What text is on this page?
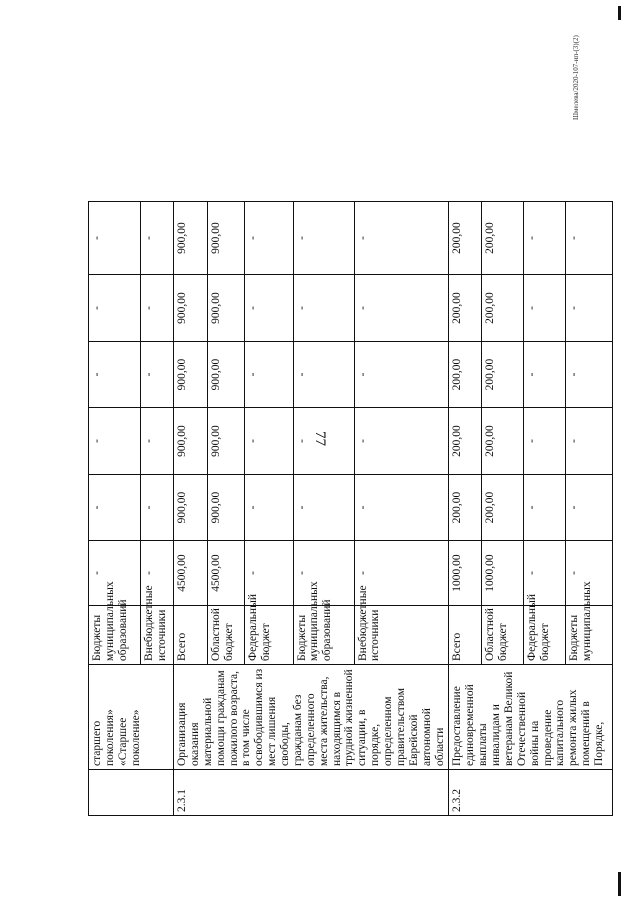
77
Шмелева/2020-107-ип-(3)(2)
	старшего поколения» «Старшее поколение»	Бюджеты муниципальных образований	-	-	-	-	-	-
		Внебюджетные источники	-	-	-	-	-	-
2.3.1	Организация оказания материальной помощи гражданам пожилого возраста, в том числе освободившимся из мест лишения свободы, гражданам без определенного места жительства, находящимся в трудной жизненной ситуации, в порядке, определенном правительством Еврейской автономной области	Всего	4500,00	900,00	900,00	900,00	900,00	900,00
		Областной бюджет	4500,00	900,00	900,00	900,00	900,00	900,00
		Федеральный бюджет	-	-	-	-	-	-
		Бюджеты муниципальных образований	-	-	-	-	-	-
		Внебюджетные источники	-	-	-	-	-	-
2.3.2	Предоставление единовременной выплаты инвалидам и ветеранам Великой Отечественной войны на проведение капитального ремонта жилых помещений в Порядке,	Всего	1000,00	200,00	200,00	200,00	200,00	200,00
		Областной бюджет	1000,00	200,00	200,00	200,00	200,00	200,00
		Федеральный бюджет	-	-	-	-	-	-
		Бюджеты муниципальных	-	-	-	-	-	-
